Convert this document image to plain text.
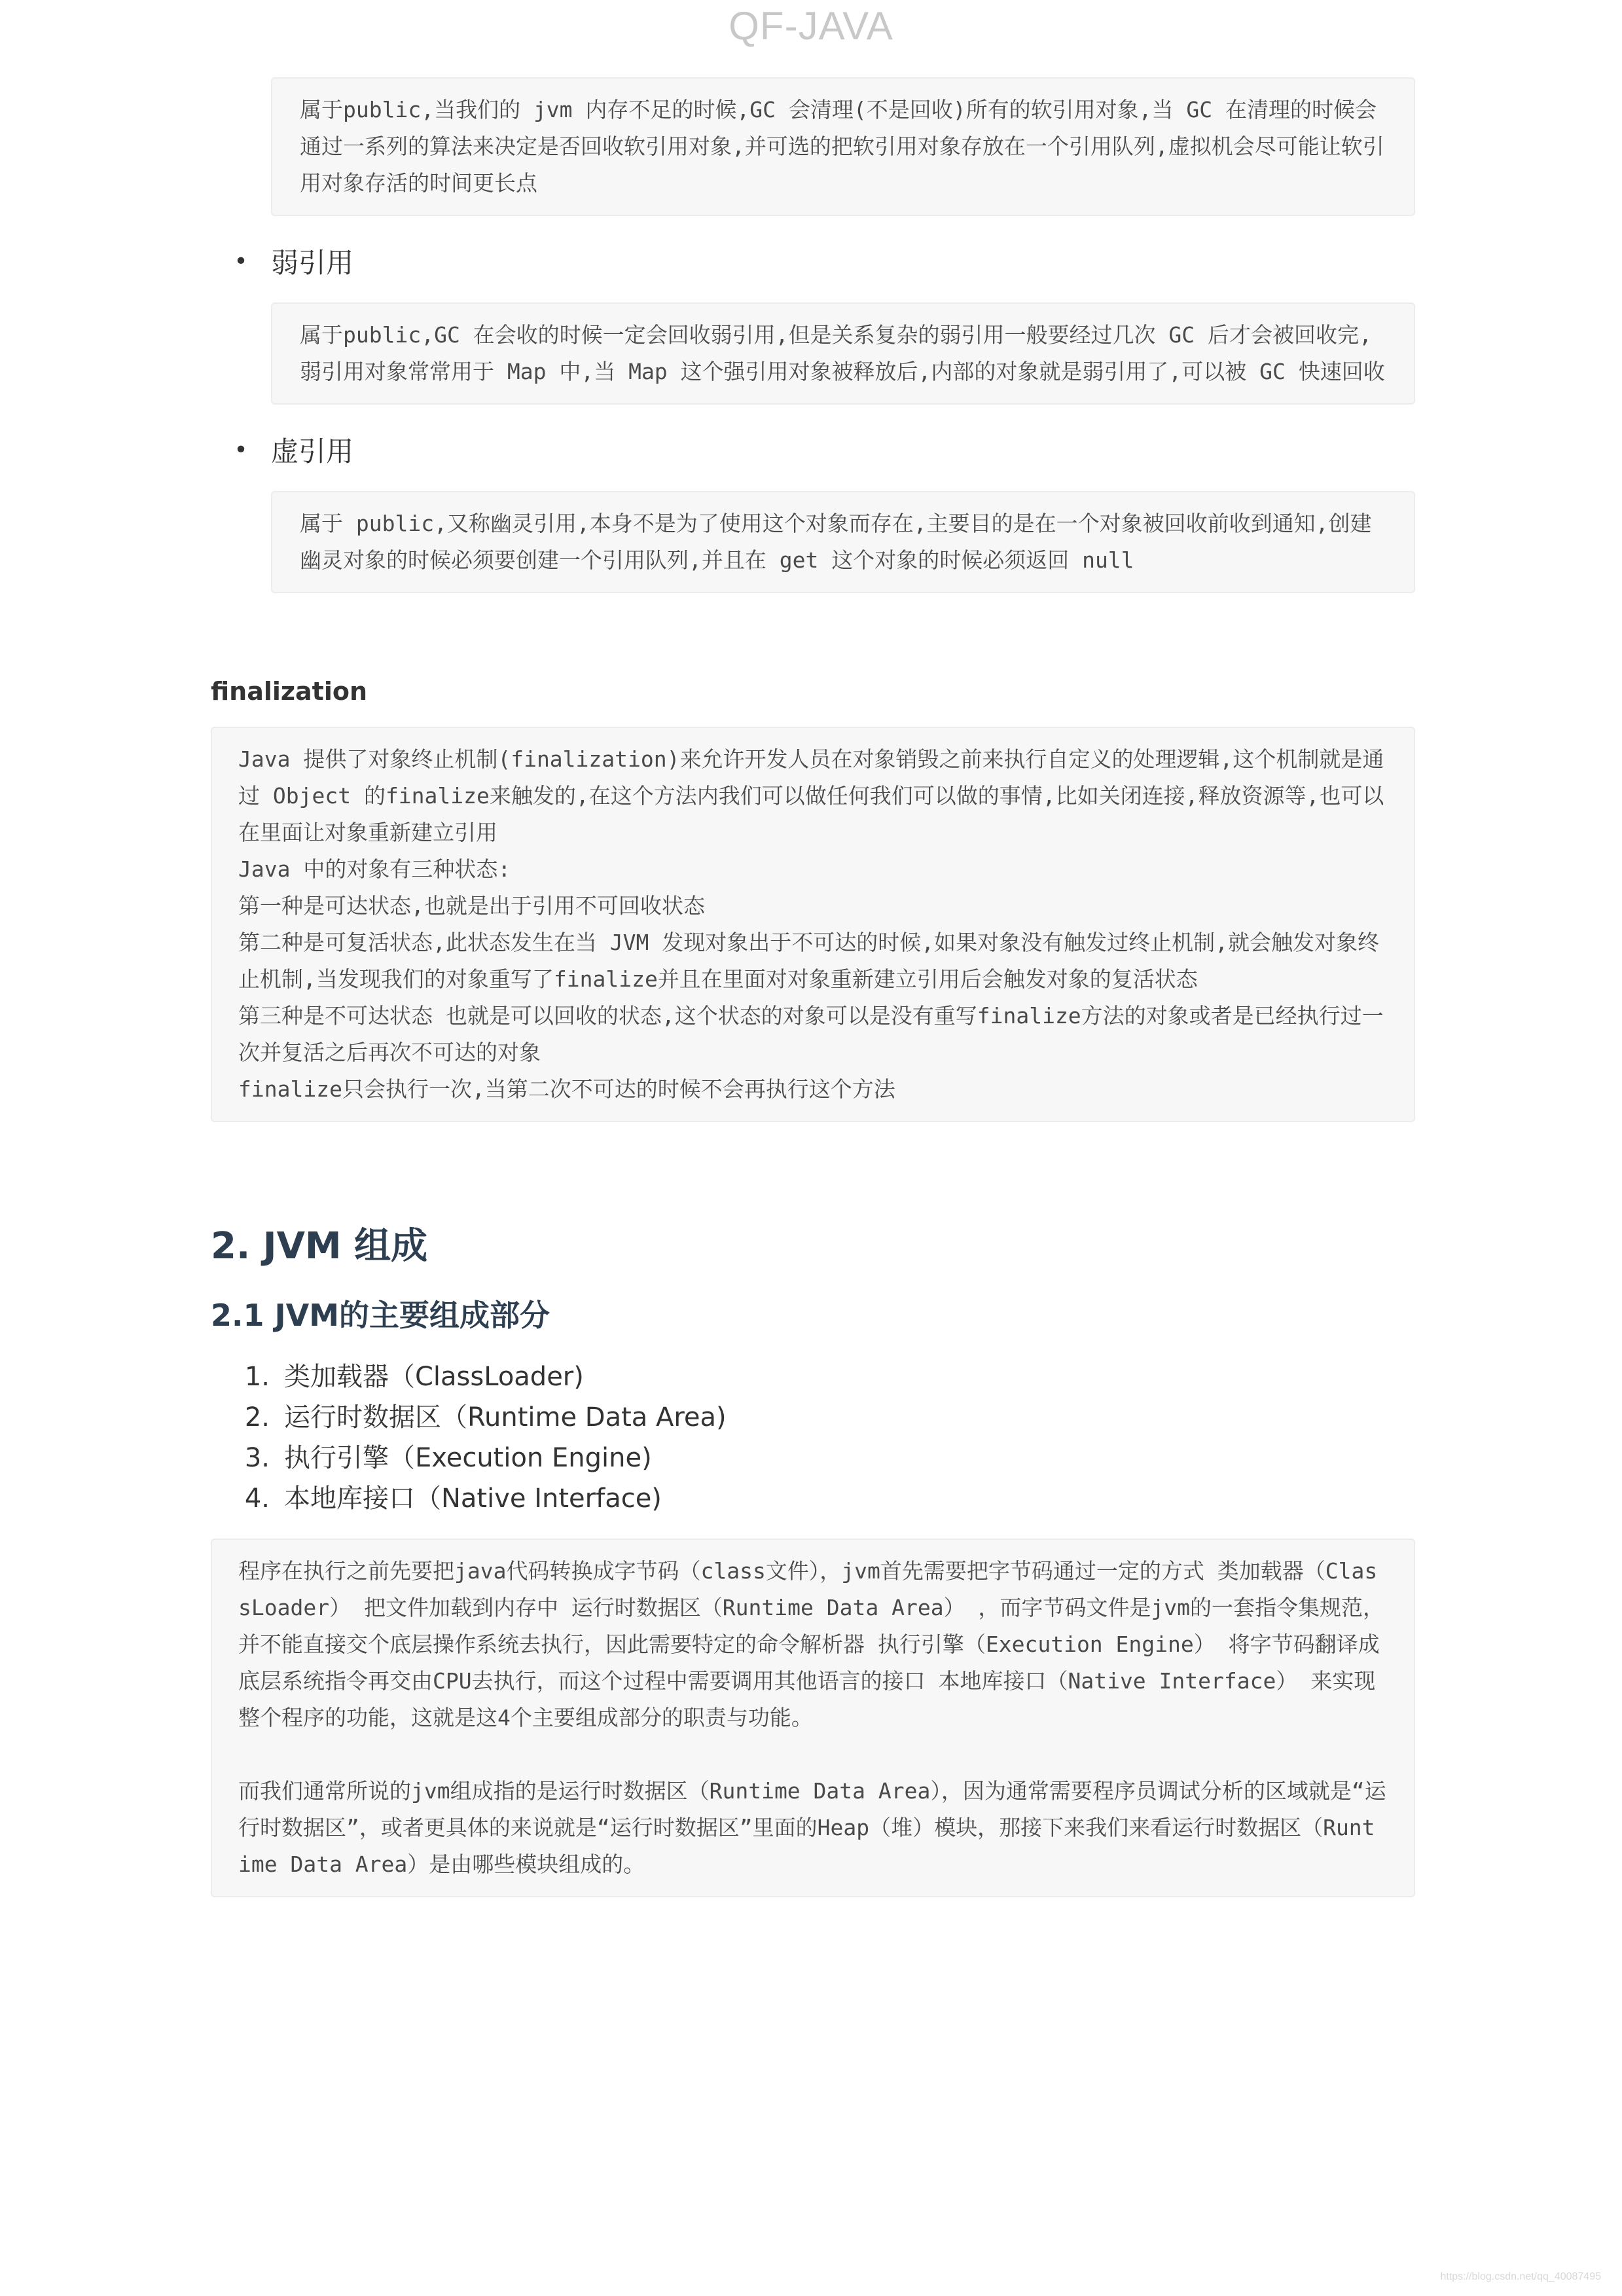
QF-JAVA
属于public,当我们的 jvm 内存不足的时候,GC 会清理(不是回收)所有的软引用对象,当 GC 在清理的时候会通过一系列的算法来决定是否回收软引用对象,并可选的把软引用对象存放在一个引用队列,虚拟机会尽可能让软引用对象存活的时间更长点
• 弱引用
属于public,GC 在会收的时候一定会回收弱引用,但是关系复杂的弱引用一般要经过几次 GC 后才会被回收完,弱引用对象常常用于 Map 中,当 Map 这个强引用对象被释放后,内部的对象就是弱引用了,可以被 GC 快速回收
• 虚引用
属于 public,又称幽灵引用,本身不是为了使用这个对象而存在,主要目的是在一个对象被回收前收到通知,创建幽灵对象的时候必须要创建一个引用队列,并且在 get 这个对象的时候必须返回 null
finalization
Java 提供了对象终止机制(finalization)来允许开发人员在对象销毁之前来执行自定义的处理逻辑,这个机制就是通过 Object 的finalize来触发的,在这个方法内我们可以做任何我们可以做的事情,比如关闭连接,释放资源等,也可以在里面让对象重新建立引用
Java 中的对象有三种状态:
第一种是可达状态,也就是出于引用不可回收状态
第二种是可复活状态,此状态发生在当 JVM 发现对象出于不可达的时候,如果对象没有触发过终止机制,就会触发对象终止机制,当发现我们的对象重写了finalize并且在里面对对象重新建立引用后会触发对象的复活状态
第三种是不可达状态 也就是可以回收的状态,这个状态的对象可以是没有重写finalize方法的对象或者是已经执行过一次并复活之后再次不可达的对象
finalize只会执行一次,当第二次不可达的时候不会再执行这个方法
2. JVM 组成
2.1 JVM的主要组成部分
1. 类加载器（ClassLoader)
2. 运行时数据区（Runtime Data Area)
3. 执行引擎（Execution Engine)
4. 本地库接口（Native Interface)

程序在执行之前先要把java代码转换成字节码（class文件），jvm首先需要把字节码通过一定的方式 类加载器（ClassLoader） 把文件加载到内存中 运行时数据区（Runtime Data Area） ，而字节码文件是jvm的一套指令集规范，并不能直接交个底层操作系统去执行，因此需要特定的命令解析器 执行引擎（Execution Engine） 将字节码翻译成底层系统指令再交由CPU去执行，而这个过程中需要调用其他语言的接口 本地库接口（Native Interface） 来实现整个程序的功能，这就是这4个主要组成部分的职责与功能。

而我们通常所说的jvm组成指的是运行时数据区（Runtime Data Area），因为通常需要程序员调试分析的区域就是“运行时数据区”，或者更具体的来说就是“运行时数据区”里面的Heap（堆）模块，那接下来我们来看运行时数据区（Runtime Data Area）是由哪些模块组成的。

https://blog.csdn.net/qq_40087495
